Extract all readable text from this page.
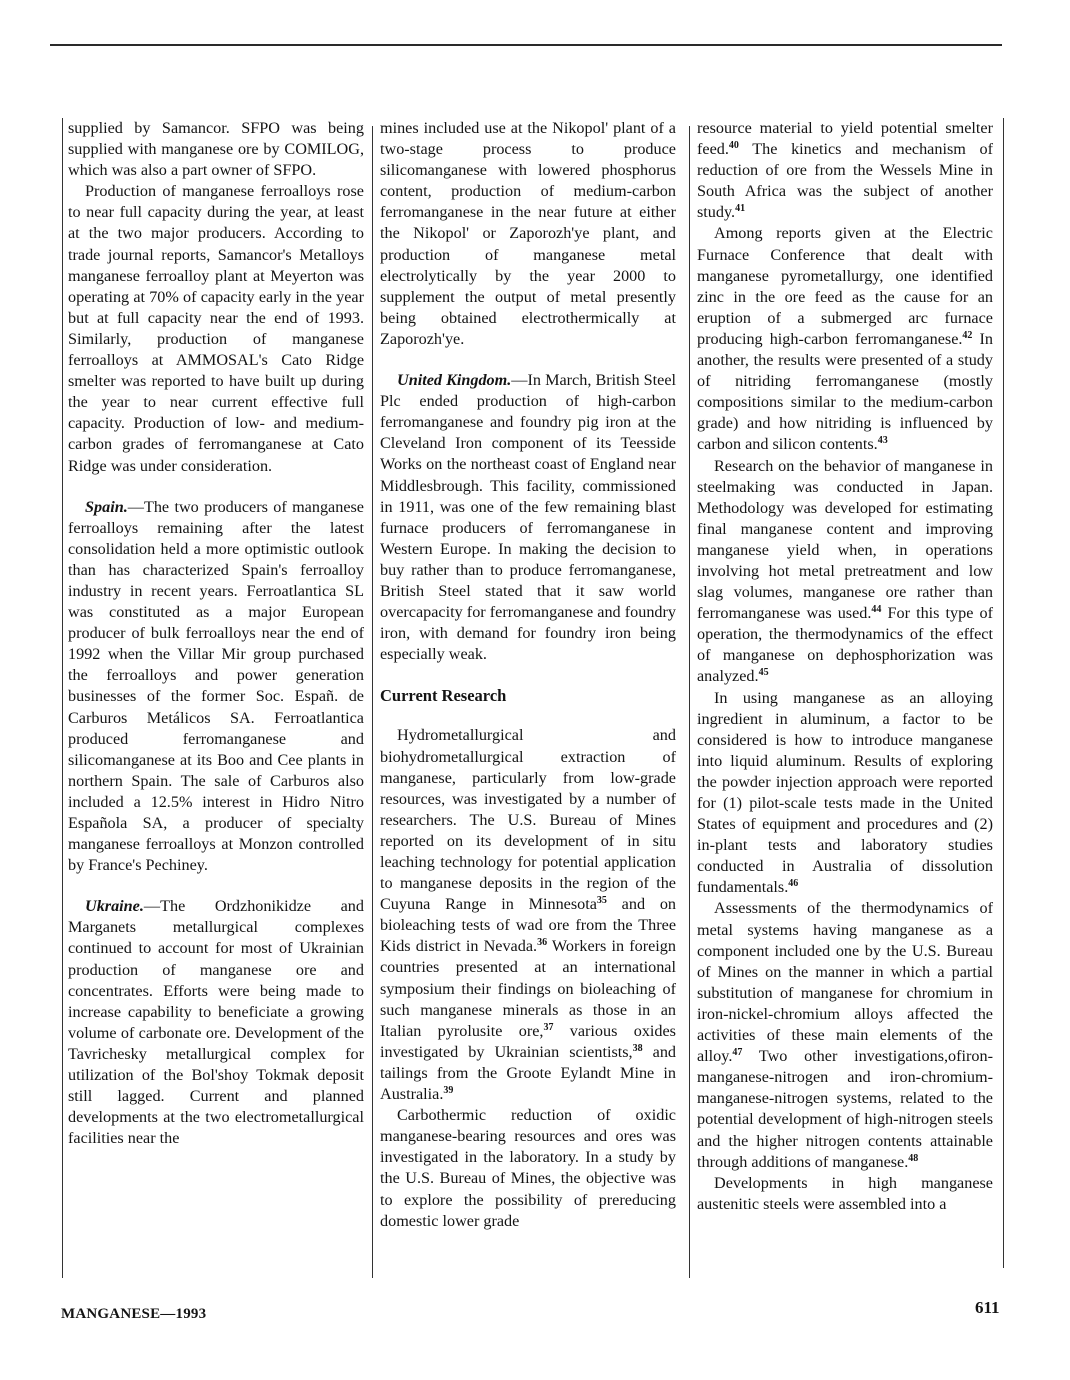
supplied by Samancor. SFPO was being supplied with manganese ore by COMILOG, which was also a part owner of SFPO.

Production of manganese ferroalloys rose to near full capacity during the year, at least at the two major producers. According to trade journal reports, Samancor's Metalloys manganese ferroalloy plant at Meyerton was operating at 70% of capacity early in the year but at full capacity near the end of 1993. Similarly, production of manganese ferroalloys at AMMOSAL's Cato Ridge smelter was reported to have built up during the year to near current effective full capacity. Production of low- and medium-carbon grades of ferromanganese at Cato Ridge was under consideration.

Spain.—The two producers of manganese ferroalloys remaining after the latest consolidation held a more optimistic outlook than has characterized Spain's ferroalloy industry in recent years. Ferroatlantica SL was constituted as a major European producer of bulk ferroalloys near the end of 1992 when the Villar Mir group purchased the ferroalloys and power generation businesses of the former Soc. Españ. de Carburos Metálicos SA. Ferroatlantica produced ferromanganese and silicomanganese at its Boo and Cee plants in northern Spain. The sale of Carburos also included a 12.5% interest in Hidro Nitro Española SA, a producer of specialty manganese ferroalloys at Monzon controlled by France's Pechiney.

Ukraine.—The Ordzhonikidze and Marganets metallurgical complexes continued to account for most of Ukrainian production of manganese ore and concentrates. Efforts were being made to increase capability to beneficiate a growing volume of carbonate ore. Development of the Tavrichesky metallurgical complex for utilization of the Bol'shoy Tokmak deposit still lagged. Current and planned developments at the two electrometallurgical facilities near the

mines included use at the Nikopol' plant of a two-stage process to produce silicomanganese with lowered phosphorus content, production of medium-carbon ferromanganese in the near future at either the Nikopol' or Zaporozh'ye plant, and production of manganese metal electrolytically by the year 2000 to supplement the output of metal presently being obtained electrothermically at Zaporozh'ye.

United Kingdom.—In March, British Steel Plc ended production of high-carbon ferromanganese and foundry pig iron at the Cleveland Iron component of its Teesside Works on the northeast coast of England near Middlesbrough. This facility, commissioned in 1911, was one of the few remaining blast furnace producers of ferromanganese in Western Europe. In making the decision to buy rather than to produce ferromanganese, British Steel stated that it saw world overcapacity for ferromanganese and foundry iron, with demand for foundry iron being especially weak.

Current Research

Hydrometallurgical and biohydrometallurgical extraction of manganese, particularly from low-grade resources, was investigated by a number of researchers. The U.S. Bureau of Mines reported on its development of in situ leaching technology for potential application to manganese deposits in the region of the Cuyuna Range in Minnesota$^{35}$ and on bioleaching tests of wad ore from the Three Kids district in Nevada.$^{36}$ Workers in foreign countries presented at an international symposium their findings on bioleaching of such manganese minerals as those in an Italian pyrolusite ore,$^{37}$ various oxides investigated by Ukrainian scientists,$^{38}$ and tailings from the Groote Eylandt Mine in Australia.$^{39}$

Carbothermic reduction of oxidic manganese-bearing resources and ores was investigated in the laboratory. In a study by the U.S. Bureau of Mines, the objective was to explore the possibility of prereducing domestic lower grade

resource material to yield potential smelter feed.$^{40}$ The kinetics and mechanism of reduction of ore from the Wessels Mine in South Africa was the subject of another study.$^{41}$

Among reports given at the Electric Furnace Conference that dealt with manganese pyrometallurgy, one identified zinc in the ore feed as the cause for an eruption of a submerged arc furnace producing high-carbon ferromanganese.$^{42}$ In another, the results were presented of a study of nitriding ferromanganese (mostly compositions similar to the medium-carbon grade) and how nitriding is influenced by carbon and silicon contents.$^{43}$

Research on the behavior of manganese in steelmaking was conducted in Japan. Methodology was developed for estimating final manganese content and improving manganese yield when, in operations involving hot metal pretreatment and low slag volumes, manganese ore rather than ferromanganese was used.$^{44}$ For this type of operation, the thermodynamics of the effect of manganese on dephosphorization was analyzed.$^{45}$

In using manganese as an alloying ingredient in aluminum, a factor to be considered is how to introduce manganese into liquid aluminum. Results of exploring the powder injection approach were reported for (1) pilot-scale tests made in the United States of equipment and procedures and (2) in-plant tests and laboratory studies conducted in Australia of dissolution fundamentals.$^{46}$

Assessments of the thermodynamics of metal systems having manganese as a component included one by the U.S. Bureau of Mines on the manner in which a partial substitution of manganese for chromium in iron-nickel-chromium alloys affected the activities of these main elements of the alloy.$^{47}$ Two other investigations,ofiron-manganese-nitrogen and iron-chromium-manganese-nitrogen systems, related to the potential development of high-nitrogen steels and the higher nitrogen contents attainable through additions of manganese.$^{48}$

Developments in high manganese austenitic steels were assembled into a

MANGANESE—1993	611
